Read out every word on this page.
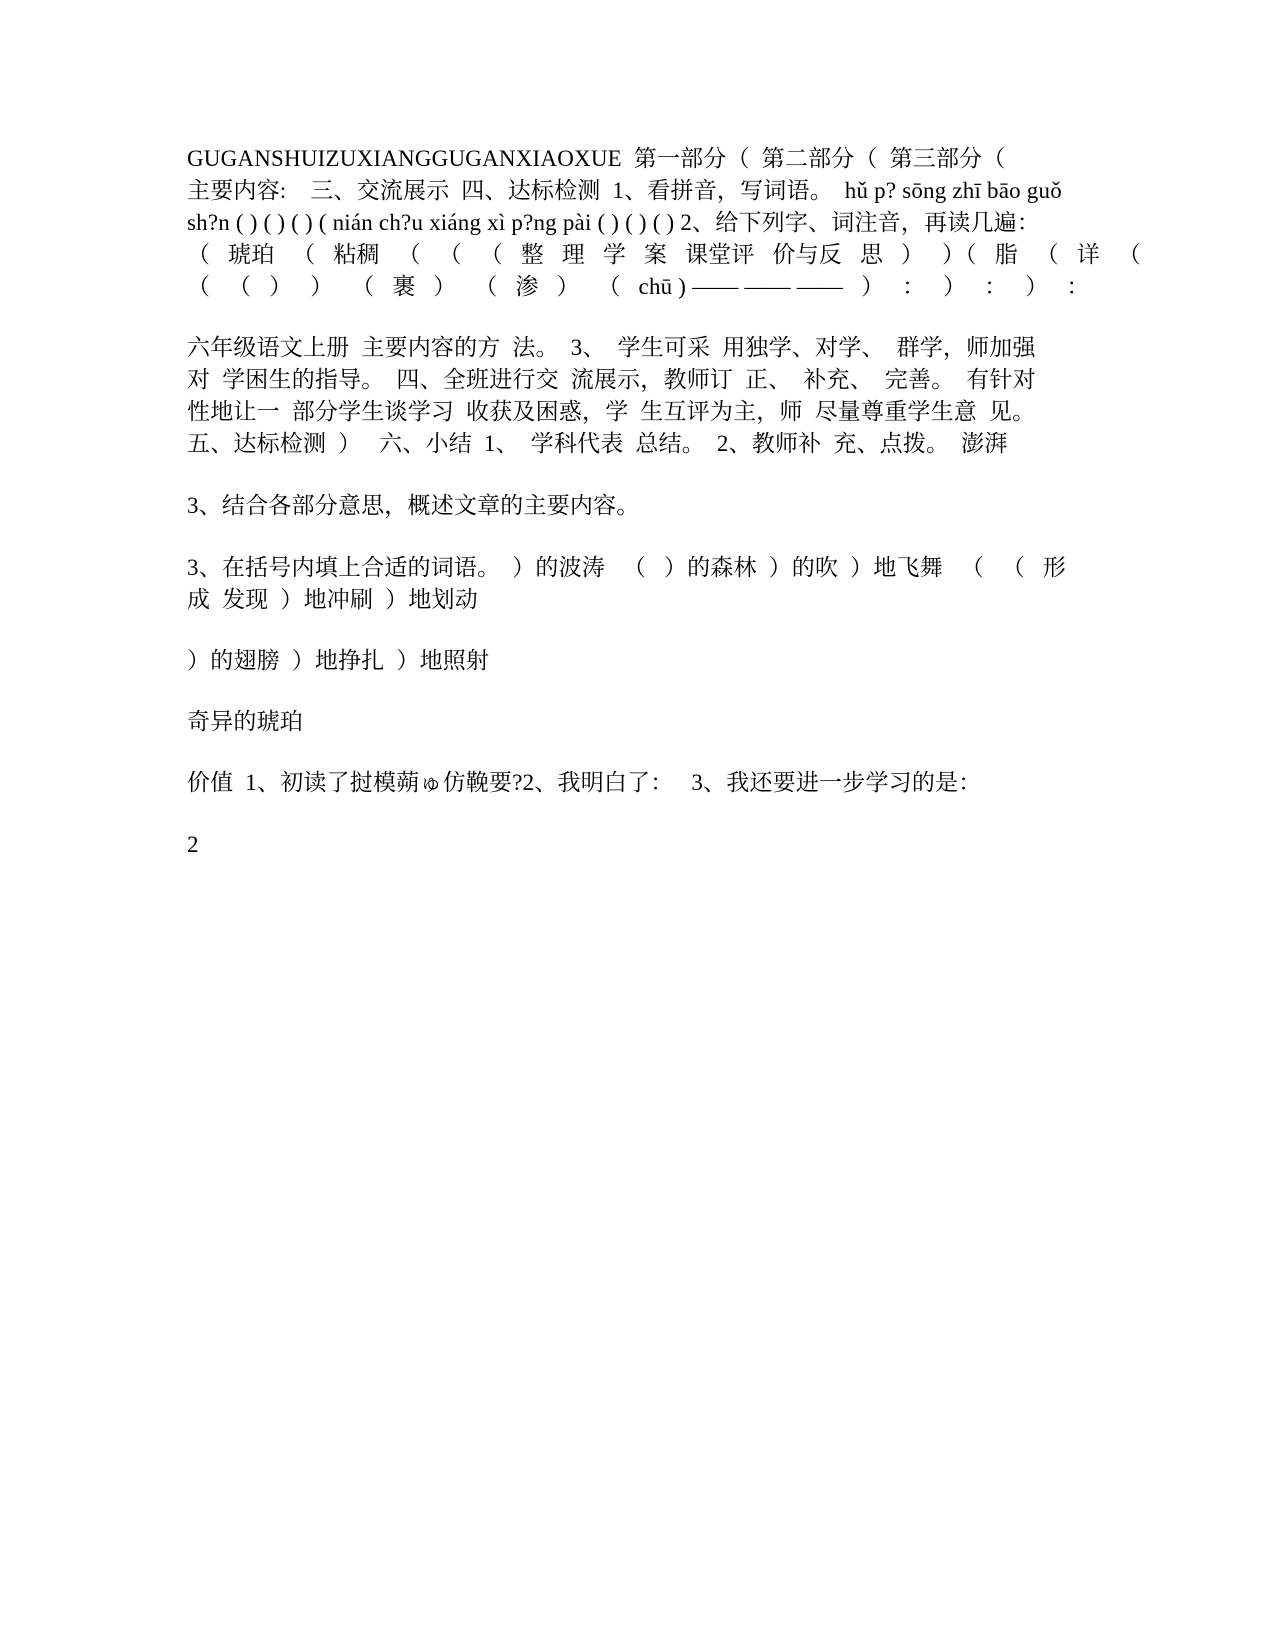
GUGANSHUIZUXIANGGUGANXIAOXUE  第一部分（  第二部分（  第三部分（
主要内容:    三、交流展示  四、达标检测  1、看拼音，写词语。  hǔ p? sōng zhī bāo guǒ
sh?n ( ) ( ) ( ) ( nián ch?u xiáng xì p?ng pài ( ) ( ) ( ) 2、给下列字、词注音，再读几遍：
（   琥珀   （   粘稠   （   （   （   整   理   学   案   课堂评   价与反   思   ）   ）（   脂   （   详   （
（   （   ）   ）   （   裹   ）   （   渗   ）   （   chū ) —— —— ——   ）   ：   ）   ：   ）   ：
六年级语文上册  主要内容的方  法。  3、  学生可采  用独学、对学、  群学，师加强
对  学困生的指导。  四、全班进行交  流展示，教师订  正、  补充、  完善。  有针对
性地让一  部分学生谈学习  收获及困惑，学  生互评为主，师  尽量尊重学生意  见。
五、达标检测  ）   六、小结  1、  学科代表  总结。  2、教师补  充、点拨。  澎湃
3、结合各部分意思，概述文章的主要内容。
3、在括号内填上合适的词语。  ）的波涛   （   ）的森林  ）的吹  ）地飞舞   （   （   形
成  发现  ）地冲刷  ）地划动
）的翅膀  ）地挣扎  ）地照射
奇异的琥珀
价值  1、初读了挝模蒴ゅ仿鞔要?2、我明白了：   3、我还要进一步学习的是：
2
